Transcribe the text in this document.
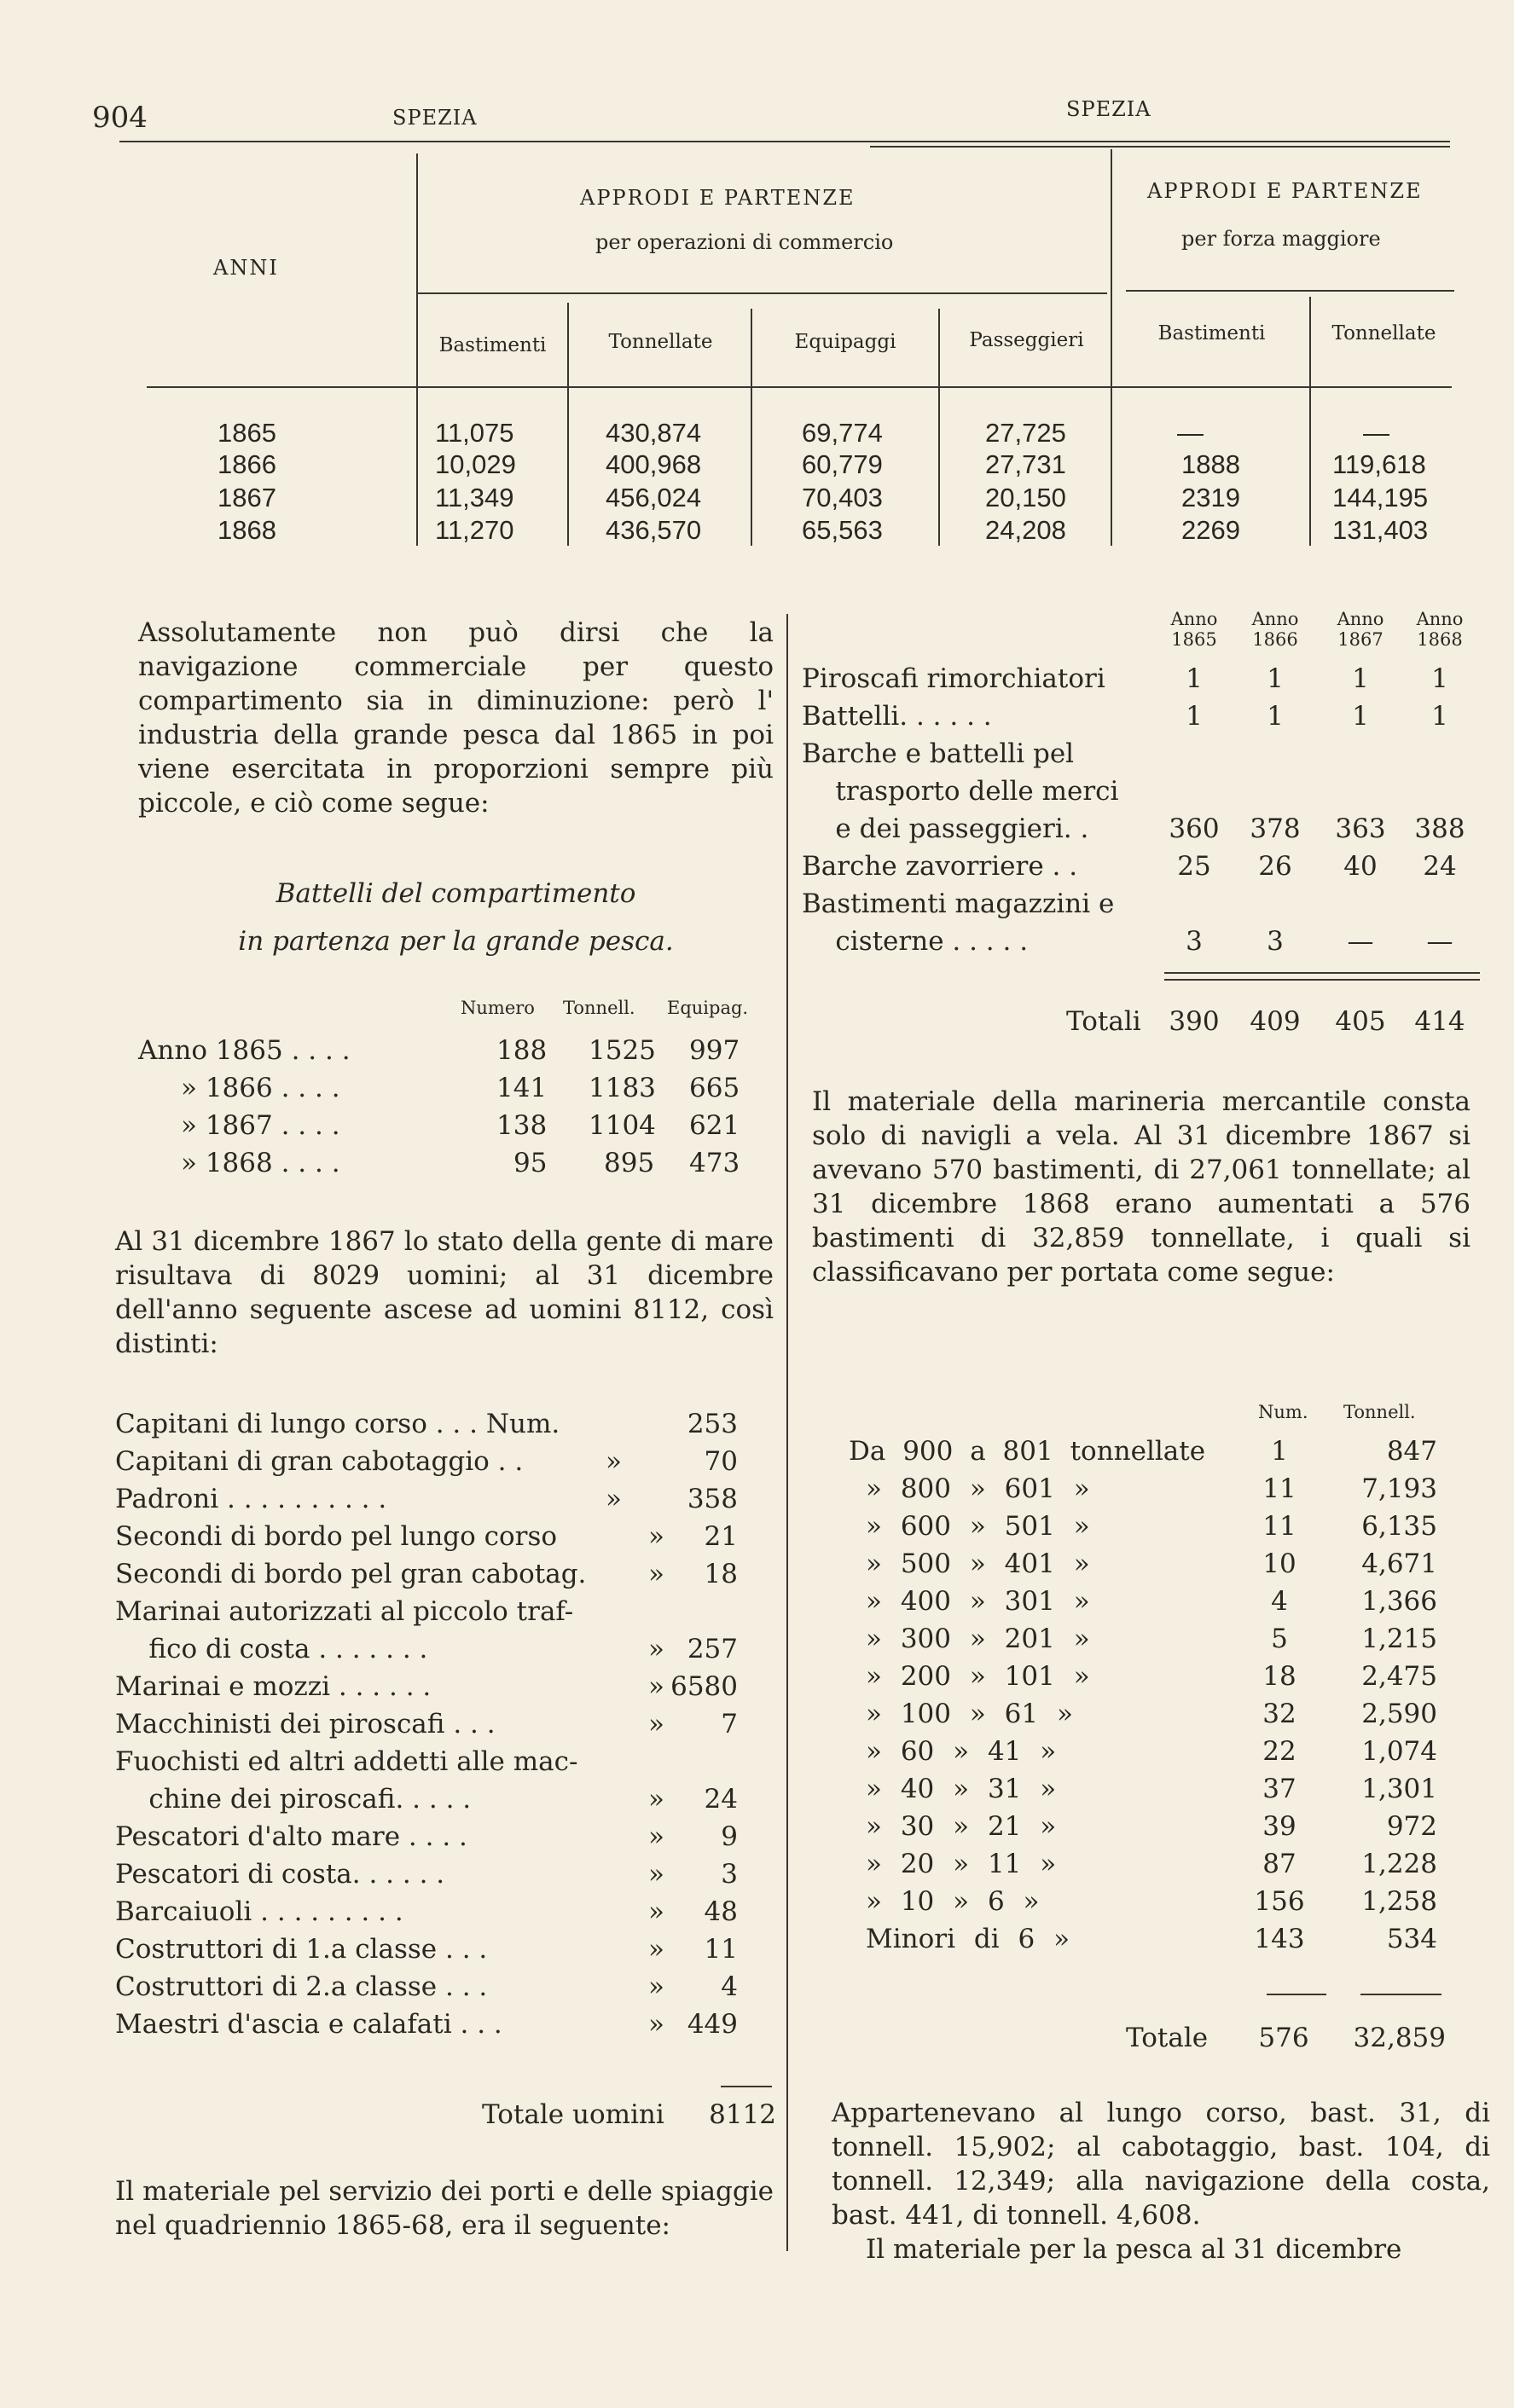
904	SPEZIA	SPEZIA
ANNI
APPRODI E PARTENZE
per operazioni di commercio
APPRODI E PARTENZE
per forza maggiore
Bastimenti	Tonnellate	Equipaggi	Passeggieri	Bastimenti	Tonnellate
1865	11,075	430,874	69,774	27,725	—	—
1866	10,029	400,968	60,779	27,731	1888	119,618
1867	11,349	456,024	70,403	20,150	2319	144,195
1868	11,270	436,570	65,563	24,208	2269	131,403
Assolutamente non può dirsi che la navigazione commerciale per questo compartimento sia in diminuzione: però l' industria della grande pesca dal 1865 in poi viene esercitata in proporzioni sempre più piccole, e ciò come segue:
Battelli del compartimento
in partenza per la grande pesca.
Numero Tonnell. Equipag.
Anno 1865 . . . .	188 1525 997
» 1866 . . . .	141 1183 665
» 1867 . . . .	138 1104 621
» 1868 . . . .	95 895 473
Al 31 dicembre 1867 lo stato della gente di mare risultava di 8029 uomini; al 31 dicembre dell'anno seguente ascese ad uomini 8112, così distinti:
Capitani di lungo corso . . . Num.	253
Capitani di gran cabotaggio . .	»	70
Padroni . . . . . . . . . .	»	358
Secondi di bordo pel lungo corso	»	21
Secondi di bordo pel gran cabotag. »	18
Marinai autorizzati al piccolo traf-
fico di costa . . . . . . .	» 257
Marinai e mozzi . . . . . .	» 6580
Macchinisti dei piroscafi . . .	»	7
Fuochisti ed altri addetti alle mac-
chine dei piroscafi. . . . .	»	24
Pescatori d'alto mare . . . .	»	9
Pescatori di costa. . . . . .	»	3
Barcaiuoli . . . . . . . . .	»	48
Costruttori di 1.a classe . . .	»	11
Costruttori di 2.a classe . . .	»	4
Maestri d'ascia e calafati . . .	» 449
Totale uomini	8112
Il materiale pel servizio dei porti e delle spiaggie nel quadriennio 1865-68, era il seguente:
Anno
1865
Anno
1866
Anno
1867
Anno
1868
Piroscafi rimorchiatori	1	1	1	1
Battelli. . . . . .	1	1	1	1
Barche e battelli pel
trasporto delle merci
e dei passeggieri. .	360	378	363	388
Barche zavorriere . .	25	26	40	24
Bastimenti magazzini e
cisterne . . . . .	3	3	—	—
Totali	390	409	405	414
Il materiale della marineria mercantile consta solo di navigli a vela. Al 31 dicembre 1867 si avevano 570 bastimenti, di 27,061 tonnellate; al 31 dicembre 1868 erano aumentati a 576 bastimenti di 32,859 tonnellate, i quali si classificavano per portata come segue:
Num. Tonnell.
Da 900 a 801 tonnellate	1	847
» 800 » 601 »	11	7,193
» 600 » 501 »	11	6,135
» 500 » 401 »	10	4,671
» 400 » 301 »	4	1,366
» 300 » 201 »	5	1,215
» 200 » 101 »	18	2,475
» 100 » 61 »	32	2,590
» 60 » 41 »	22	1,074
» 40 » 31 »	37	1,301
» 30 » 21 »	39	972
» 20 » 11 »	87	1,228
» 10 » 6 »	156	1,258
Minori di 6 »	143	534
Totale	576	32,859
Appartenevano al lungo corso, bast. 31, di tonnell. 15,902; al cabotaggio, bast. 104, di tonnell. 12,349; alla navigazione della costa, bast. 441, di tonnell. 4,608.
Il materiale per la pesca al 31 dicembre
